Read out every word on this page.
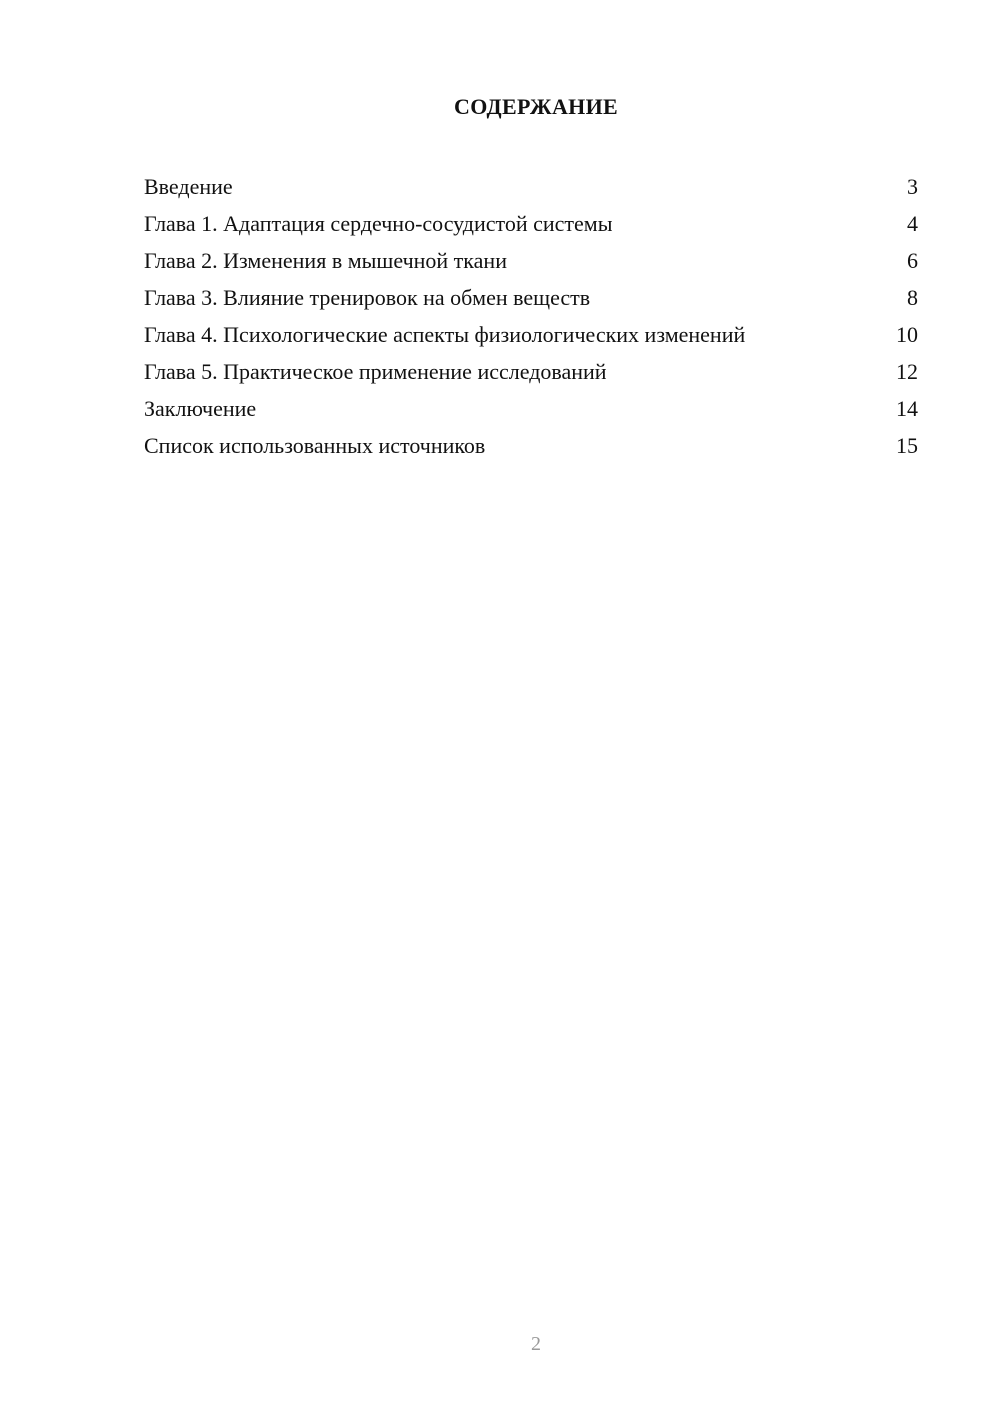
СОДЕРЖАНИЕ
Введение	3
Глава 1. Адаптация сердечно-сосудистой системы	4
Глава 2. Изменения в мышечной ткани	6
Глава 3. Влияние тренировок на обмен веществ	8
Глава 4. Психологические аспекты физиологических изменений	10
Глава 5. Практическое применение исследований	12
Заключение	14
Список использованных источников	15
2
